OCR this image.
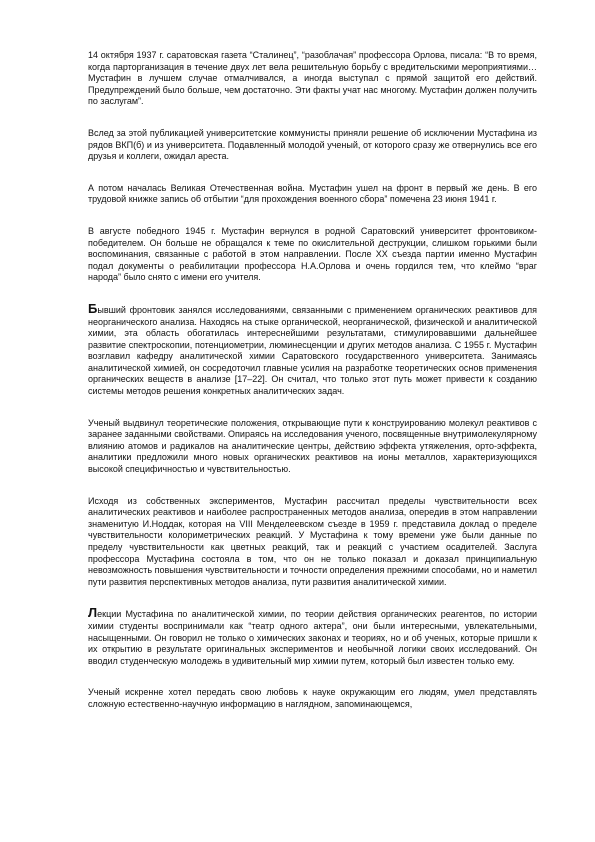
14 октября 1937 г. саратовская газета “Сталинец”, “разоблачая” профессора Орлова, писала: “В то время, когда парторганизация в течение двух лет вела решительную борьбу с вредительскими мероприятиями… Мустафин в лучшем случае отмалчивался, а иногда выступал с прямой защитой его действий. Предупреждений было больше, чем достаточно. Эти факты учат нас многому. Мустафин должен получить по заслугам”.

Вслед за этой публикацией университетские коммунисты приняли решение об исключении Мустафина из рядов ВКП(б) и из университета. Подавленный молодой ученый, от которого сразу же отвернулись все его друзья и коллеги, ожидал ареста.

А потом началась Великая Отечественная война. Мустафин ушел на фронт в первый же день. В его трудовой книжке запись об отбытии “для прохождения военного сбора” помечена 23 июня 1941 г.

В августе победного 1945 г. Мустафин вернулся в родной Саратовский университет фронтовиком-победителем. Он больше не обращался к теме по окислительной деструкции, слишком горькими были воспоминания, связанные с работой в этом направлении. После XX съезда партии именно Мустафин подал документы о реабилитации профессора Н.А.Орлова и очень гордился тем, что клеймо “враг народа” было снято с имени его учителя.

Бывший фронтовик занялся исследованиями, связанными с применением органических реактивов для неорганического анализа. Находясь на стыке органической, неорганической, физической и аналитической химии, эта область обогатилась интереснейшими результатами, стимулировавшими дальнейшее развитие спектроскопии, потенциометрии, люминесценции и других методов анализа. С 1955 г. Мустафин возглавил кафедру аналитической химии Саратовского государственного университета. Занимаясь аналитической химией, он сосредоточил главные усилия на разработке теоретических основ применения органических веществ в анализе [17–22]. Он считал, что только этот путь может привести к созданию системы методов решения конкретных аналитических задач.

Ученый выдвинул теоретические положения, открывающие пути к конструированию молекул реактивов с заранее заданными свойствами. Опираясь на исследования ученого, посвященные внутримолекулярному влиянию атомов и радикалов на аналитические центры, действию эффекта утяжеления, орто-эффекта, аналитики предложили много новых органических реактивов на ионы металлов, характеризующихся высокой специфичностью и чувствительностью.

Исходя из собственных экспериментов, Мустафин рассчитал пределы чувствительности всех аналитических реактивов и наиболее распространенных методов анализа, опередив в этом направлении знаменитую И.Ноддак, которая на VIII Менделеевском съезде в 1959 г. представила доклад о пределе чувствительности колориметрических реакций. У Мустафина к тому времени уже были данные по пределу чувствительности как цветных реакций, так и реакций с участием осадителей. Заслуга профессора Мустафина состояла в том, что он не только показал и доказал принципиальную невозможность повышения чувствительности и точности определения прежними способами, но и наметил пути развития перспективных методов анализа, пути развития аналитической химии.

Лекции Мустафина по аналитической химии, по теории действия органических реагентов, по истории химии студенты воспринимали как “театр одного актера”, они были интересными, увлекательными, насыщенными. Он говорил не только о химических законах и теориях, но и об ученых, которые пришли к их открытию в результате оригинальных экспериментов и необычной логики своих исследований. Он вводил студенческую молодежь в удивительный мир химии путем, который был известен только ему.

Ученый искренне хотел передать свою любовь к науке окружающим его людям, умел представлять сложную естественно-научную информацию в наглядном, запоминающемся,
